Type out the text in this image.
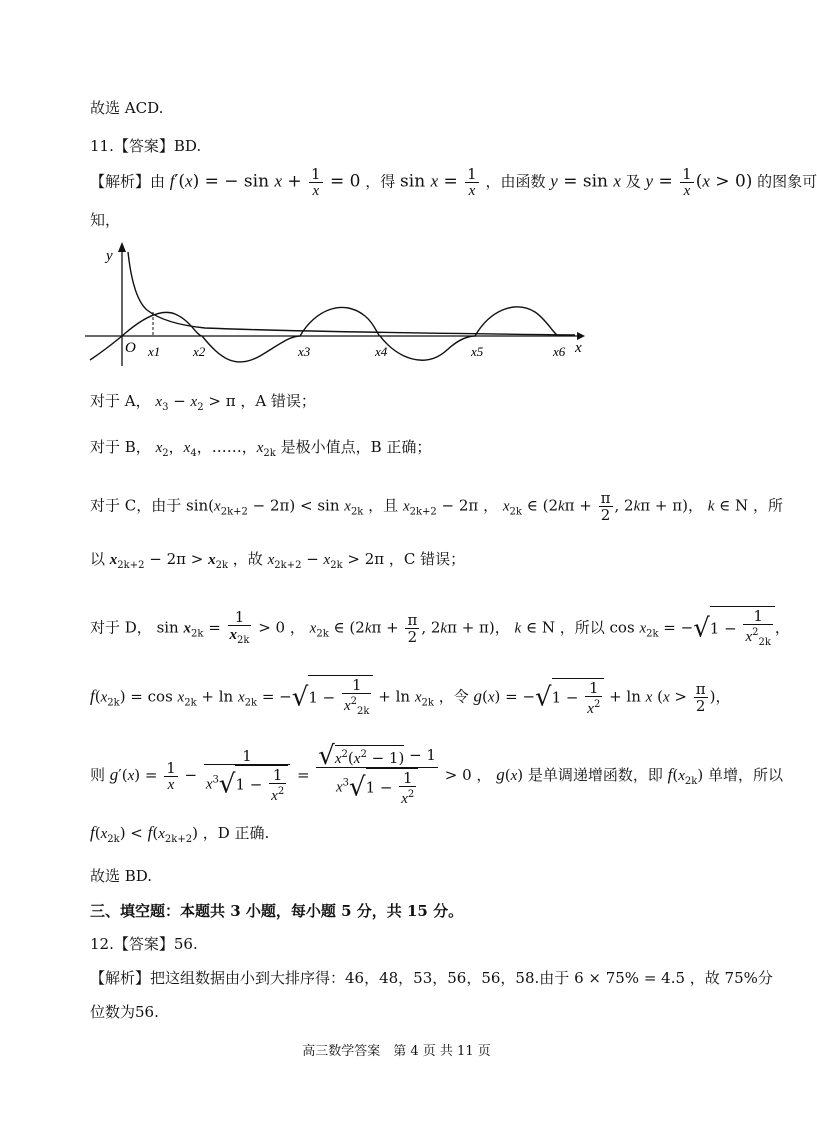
故选 ACD.
11.【答案】BD.
【解析】由 f′(x) = − $\sin x + \frac{1}{x} = 0$ ，得 $\sin x = \frac{1}{x}$ ，由函数 y = sin x 及 $y = \frac{1}{x} (x > 0)$ 的图象可
知，
y
x
O x1	x2	x3	x4	x5	x6
对于 A， $x_3 - x_2 > \pi$ ，A 错误；
对于 B， $x_2$，$x_4$，……，$x_{2k}$ 是极小值点，B 正确；
对于 C，由于 $\sin(x_{2k+2} - 2\pi) < \sin x_{2k}$ ，且 $x_{2k+2} - 2\pi$ ， $x_{2k}$ ∈ ($2k\pi + \frac{\pi}{2}$ , 2kπ + π)， k ∈ N ，所
以 $x_{2k+2} - 2\pi > x_{2k}$ ，故 $x_{2k+2} - x_{2k} > 2\pi$ ，C 错误；
对于 D， $\sin x_{2k} = \frac{1}{x_{2k}} > 0$ ， $x_{2k}$ ∈ ($2k\pi + \frac{\pi}{2}$ , 2kπ + π)， k ∈ N ，所以 $\cos x_{2k} = -√1 - \frac{1}{x^2_{2k}}$ ，
$f(x_{2k}) = \cos x_{2k} + \ln x_{2k} = -√1 - \frac{1}{x^2_{2k}} + \ln x_{2k}$ ，令 $g(x) = -√1 - \frac{1}{x^2} + \ln x$ ($x > \frac{\pi}{2}$ )，
则 $g'(x) = \frac{1}{x} - \frac{1}{x^3√1 - \frac{1}{x^2}} = \frac{√x^2(x^2 - 1) - 1}{x^3√1 - \frac{1}{x^2}} > 0$ ， g(x) 是单调递增函数，即 $f(x_{2k})$ 单增，所以
$f(x_{2k}) < f(x_{2k+2})$ ，D 正确.
故选 BD.
三、填空题：本题共 3 小题，每小题 5 分，共 15 分。
12.【答案】56.
【解析】把这组数据由小到大排序得：46，48，53，56，56，58.由于 6 × 75% = 4.5 ，故 75%分
位数为56.
高三数学答案　第 4 页 共 11 页
